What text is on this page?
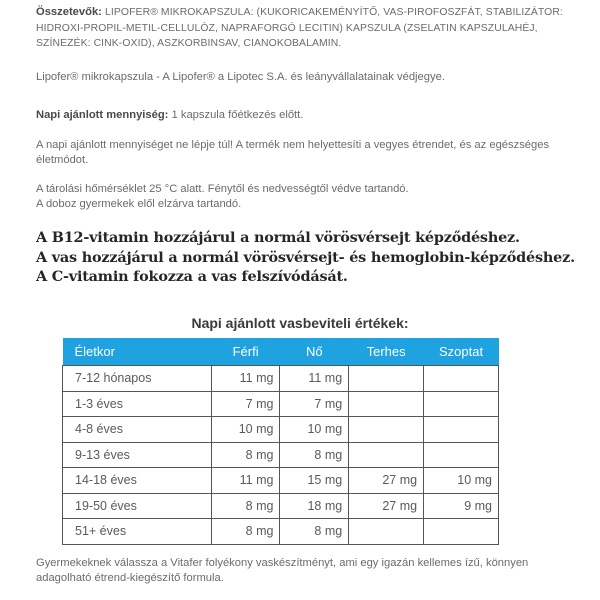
Összetevők: LIPOFER® MIKROKAPSZULA: (KUKORICAKEMÉNYÍTŐ, VAS-PIROFOSZFÁT, STABILIZÁTOR: HIDROXI-PROPIL-METIL-CELLULÓZ, NAPRAFORGÓ LECITIN) KAPSZULA (ZSELATIN KAPSZULAHÉJ, SZÍNEZÉK: CINK-OXID), ASZKORBINSAV, CIANOKOBALAMIN.
Lipofer® mikrokapszula - A Lipofer® a Lipotec S.A. és leányvállalatainak védjegye.
Napi ajánlott mennyiség: 1 kapszula főétkezés előtt.
A napi ajánlott mennyiséget ne lépje túl! A termék nem helyettesíti a vegyes étrendet, és az egészséges életmódot.
A tárolási hőmérséklet 25 °C alatt. Fénytől és nedvességtől védve tartandó.
A doboz gyermekek elől elzárva tartandó.
A B12-vitamin hozzájárul a normál vörösvérsejt képződéshez.
A vas hozzájárul a normál vörösvérsejt- és hemoglobin-képződéshez.
A C-vitamin fokozza a vas felszívódását.
Napi ajánlott vasbeviteli értékek:
Életkor	Férfi	Nő	Terhes	Szoptat
7-12 hónapos	11 mg	11 mg		
1-3 éves	7 mg	7 mg		
4-8 éves	10 mg	10 mg		
9-13 éves	8 mg	8 mg		
14-18 éves	11 mg	15 mg	27 mg	10 mg
19-50 éves	8 mg	18 mg	27 mg	9 mg
51+ éves	8 mg	8 mg		
Gyermekeknek válassza a Vitafer folyékony vaskészítményt, ami egy igazán kellemes ízű, könnyen adagolható étrend-kiegészítő formula.
